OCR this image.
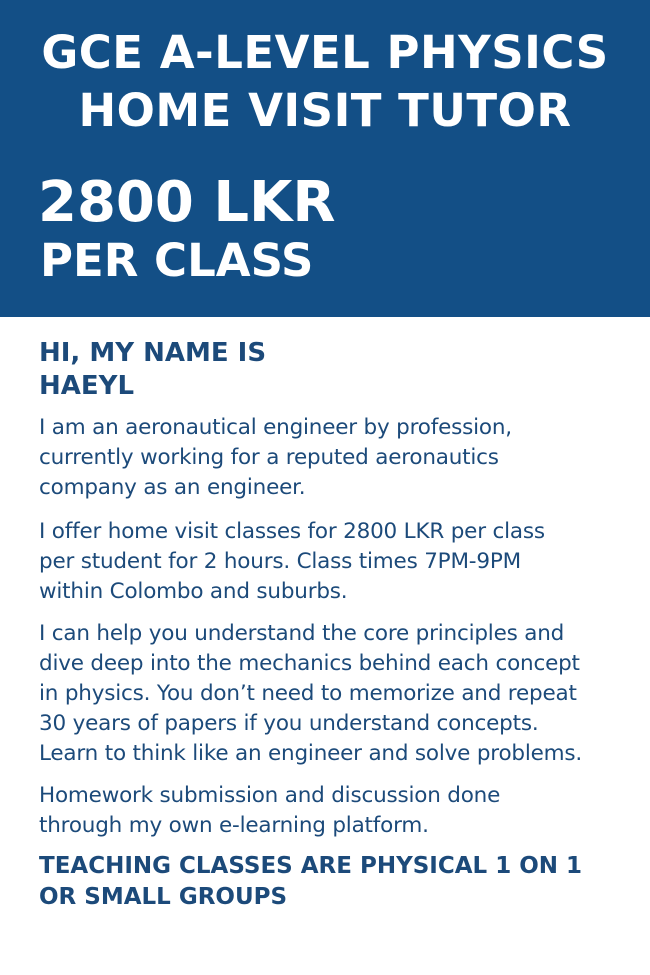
GCE A-LEVEL PHYSICS
HOME VISIT TUTOR
2800 LKR
PER CLASS
HI, MY NAME IS
HAEYL

I am an aeronautical engineer by profession,
currently working for a reputed aeronautics
company as an engineer.

I offer home visit classes for 2800 LKR per class
per student for 2 hours. Class times 7PM-9PM
within Colombo and suburbs.

I can help you understand the core principles and
dive deep into the mechanics behind each concept
in physics. You don’t need to memorize and repeat
30 years of papers if you understand concepts.
Learn to think like an engineer and solve problems.

Homework submission and discussion done
through my own e-learning platform.

TEACHING CLASSES ARE PHYSICAL 1 ON 1
OR SMALL GROUPS
